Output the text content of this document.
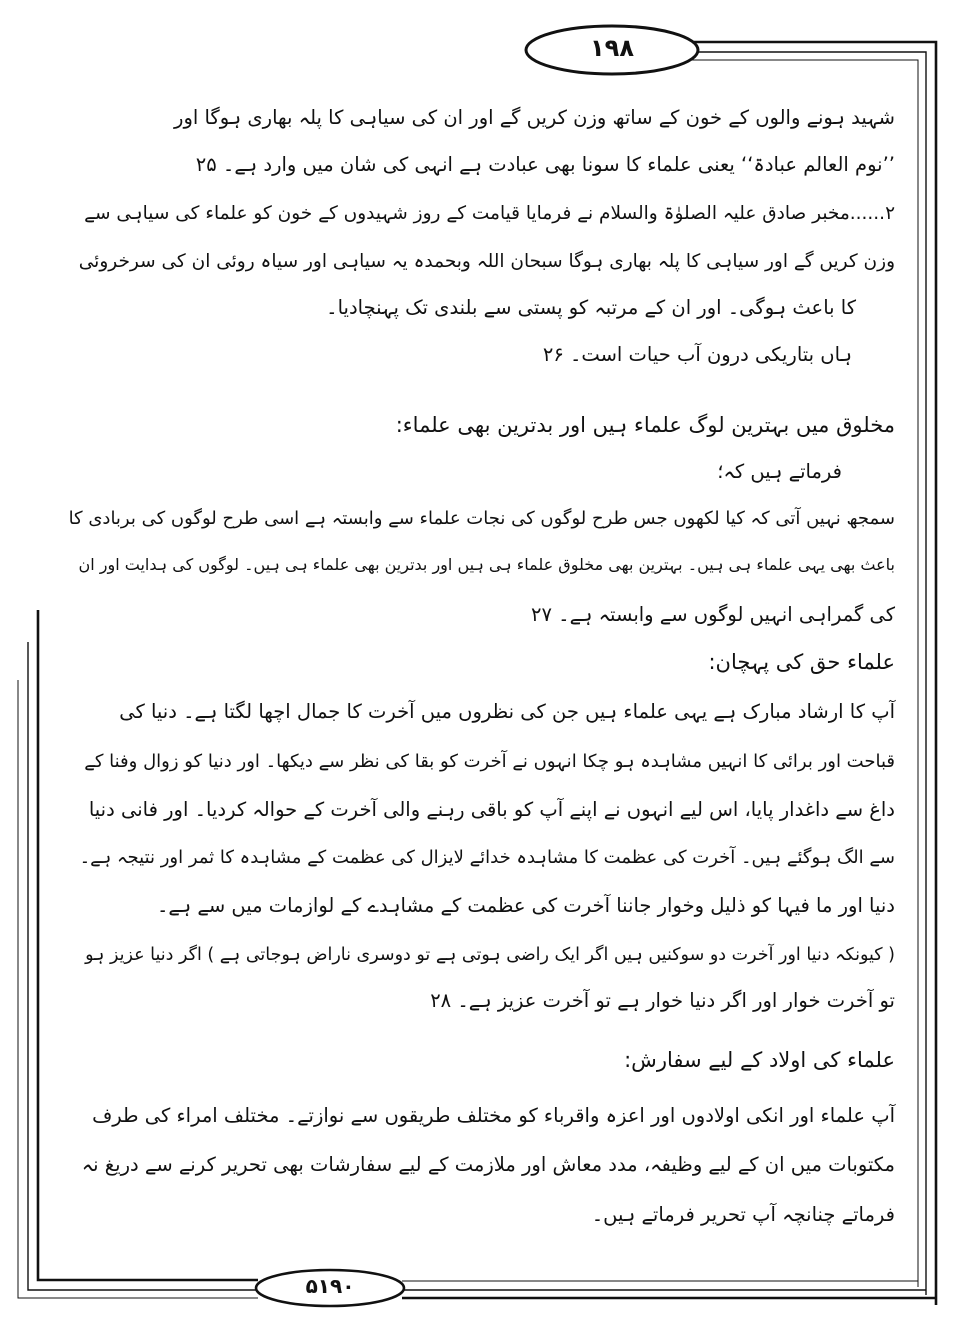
۱۹۸
۵۱۹۰
شہید ہونے والوں کے خون کے ساتھ وزن کریں گے اور ان کی سیاہی کا پلہ بھاری ہوگا اور
’’نوم العالم عبادۃ‘‘ یعنی علماء کا سونا بھی عبادت ہے انہی کی شان میں وارد ہے۔ ۲۵
۲......مخبر صادق علیہ الصلوٰۃ والسلام نے فرمایا قیامت کے روز شہیدوں کے خون کو علماء کی سیاہی سے
وزن کریں گے اور سیاہی کا پلہ بھاری ہوگا سبحان اللہ وبحمدہ یہ سیاہی اور سیاہ روئی ان کی سرخروئی
کا باعث ہوگی۔ اور ان کے مرتبہ کو پستی سے بلندی تک پہنچادیا۔
ہاں بتاریکی درون آب حیات است۔ ۲۶
مخلوق میں بہترین لوگ علماء ہیں اور بدترین بھی علماء:
فرماتے ہیں کہ؛
سمجھ نہیں آتی کہ کیا لکھوں جس طرح لوگوں کی نجات علماء سے وابستہ ہے اسی طرح لوگوں کی بربادی کا
باعث بھی یہی علماء ہی ہیں۔ بہترین بھی مخلوق علماء ہی ہیں اور بدترین بھی علماء ہی ہیں۔ لوگوں کی ہدایت اور ان
کی گمراہی انہیں لوگوں سے وابستہ ہے۔ ۲۷
علماء حق کی پہچان:
آپ کا ارشاد مبارک ہے یہی علماء ہیں جن کی نظروں میں آخرت کا جمال اچھا لگتا ہے۔ دنیا کی
قباحت اور برائی کا انہیں مشاہدہ ہو چکا انہوں نے آخرت کو بقا کی نظر سے دیکھا۔ اور دنیا کو زوال وفنا کے
داغ سے داغدار پایا، اس لیے انہوں نے اپنے آپ کو باقی رہنے والی آخرت کے حوالہ کردیا۔ اور فانی دنیا
سے الگ ہوگئے ہیں۔ آخرت کی عظمت کا مشاہدہ خدائے لایزال کی عظمت کے مشاہدہ کا ثمر اور نتیجہ ہے۔
دنیا اور ما فیہا کو ذلیل وخوار جاننا آخرت کی عظمت کے مشاہدے کے لوازمات میں سے ہے۔
( کیونکہ دنیا اور آخرت دو سوکنیں ہیں اگر ایک راضی ہوتی ہے تو دوسری ناراض ہوجاتی ہے ) اگر دنیا عزیز ہو
تو آخرت خوار اور اگر دنیا خوار ہے تو آخرت عزیز ہے۔ ۲۸
علماء کی اولاد کے لیے سفارش:
آپ علماء اور انکی اولادوں اور اعزہ واقرباء کو مختلف طریقوں سے نوازتے۔ مختلف امراء کی طرف
مکتوبات میں ان کے لیے وظیفہ، مدد معاش اور ملازمت کے لیے سفارشات بھی تحریر کرنے سے دریغ نہ
فرماتے چنانچہ آپ تحریر فرماتے ہیں۔
